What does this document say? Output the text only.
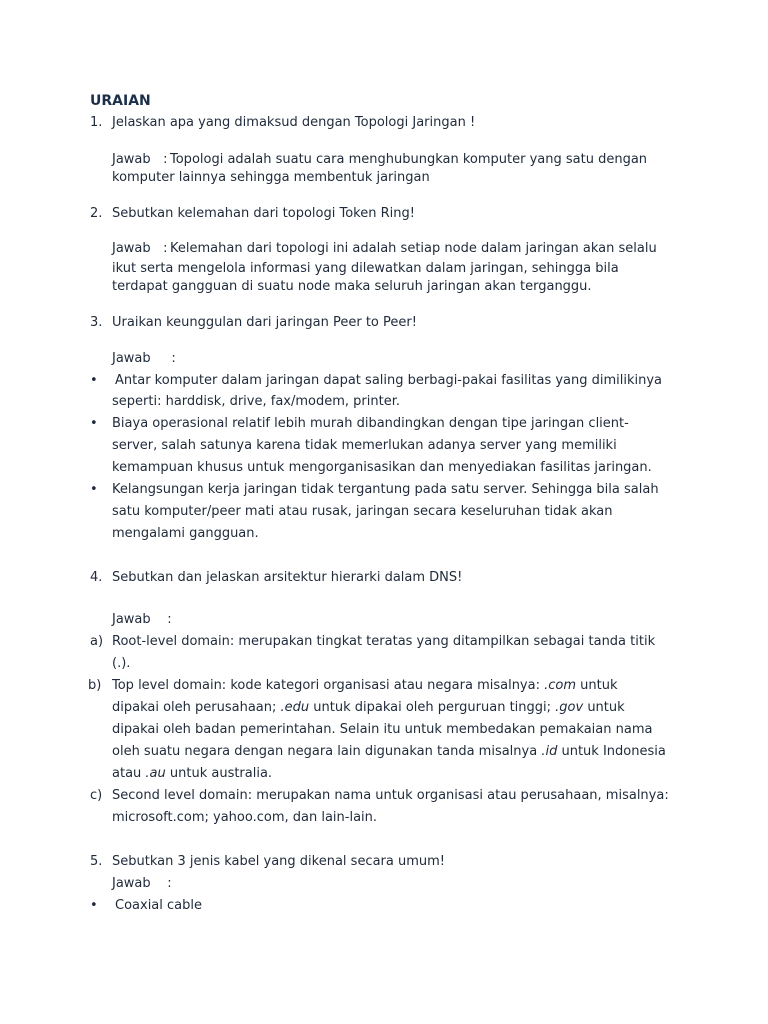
URAIAN
1. Jelaskan apa yang dimaksud dengan Topologi Jaringan !
Jawab : Topologi adalah suatu cara menghubungkan komputer yang satu dengan
komputer lainnya sehingga membentuk jaringan
2. Sebutkan kelemahan dari topologi Token Ring!
Jawab : Kelemahan dari topologi ini adalah setiap node dalam jaringan akan selalu
ikut serta mengelola informasi yang dilewatkan dalam jaringan, sehingga bila
terdapat gangguan di suatu node maka seluruh jaringan akan terganggu.
3. Uraikan keunggulan dari jaringan Peer to Peer!
Jawab :
• Antar komputer dalam jaringan dapat saling berbagi-pakai fasilitas yang dimilikinya
seperti: harddisk, drive, fax/modem, printer.
• Biaya operasional relatif lebih murah dibandingkan dengan tipe jaringan client-
server, salah satunya karena tidak memerlukan adanya server yang memiliki
kemampuan khusus untuk mengorganisasikan dan menyediakan fasilitas jaringan.
• Kelangsungan kerja jaringan tidak tergantung pada satu server. Sehingga bila salah
satu komputer/peer mati atau rusak, jaringan secara keseluruhan tidak akan
mengalami gangguan.
4. Sebutkan dan jelaskan arsitektur hierarki dalam DNS!
Jawab :
a) Root-level domain: merupakan tingkat teratas yang ditampilkan sebagai tanda titik
(.).
b) Top level domain: kode kategori organisasi atau negara misalnya: .com untuk
dipakai oleh perusahaan; .edu untuk dipakai oleh perguruan tinggi; .gov untuk
dipakai oleh badan pemerintahan. Selain itu untuk membedakan pemakaian nama
oleh suatu negara dengan negara lain digunakan tanda misalnya .id untuk Indonesia
atau .au untuk australia.
c) Second level domain: merupakan nama untuk organisasi atau perusahaan, misalnya:
microsoft.com; yahoo.com, dan lain-lain.
5. Sebutkan 3 jenis kabel yang dikenal secara umum!
Jawab :
• Coaxial cable
